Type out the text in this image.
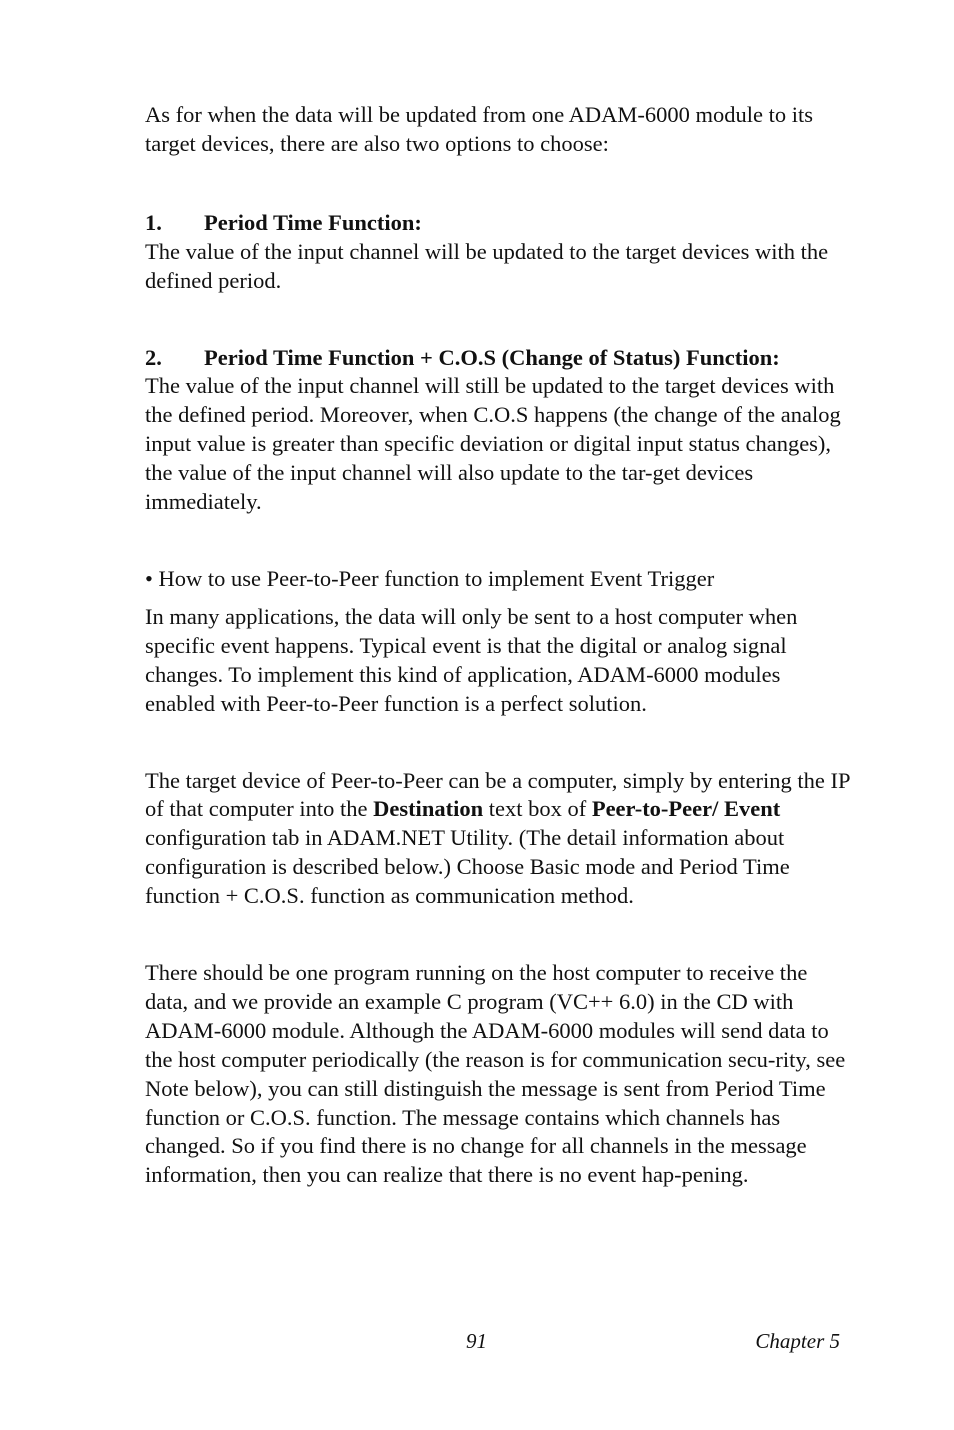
As for when the data will be updated from one ADAM-6000 module to its target devices, there are also two options to choose:

1.	Period Time Function:

The value of the input channel will be updated to the target devices with the defined period.

2.	Period Time Function + C.O.S (Change of Status) Function:

The value of the input channel will still be updated to the target devices with the defined period. Moreover, when C.O.S happens (the change of the analog input value is greater than specific deviation or digital input status changes), the value of the input channel will also update to the tar-get devices immediately.

• How to use Peer-to-Peer function to implement Event Trigger

In many applications, the data will only be sent to a host computer when specific event happens. Typical event is that the digital or analog signal changes. To implement this kind of application, ADAM-6000 modules enabled with Peer-to-Peer function is a perfect solution.

The target device of Peer-to-Peer can be a computer, simply by entering the IP of that computer into the Destination text box of Peer-to-Peer/ Event configuration tab in ADAM.NET Utility. (The detail information about configuration is described below.) Choose Basic mode and Period Time function + C.O.S. function as communication method.

There should be one program running on the host computer to receive the data, and we provide an example C program (VC++ 6.0) in the CD with ADAM-6000 module. Although the ADAM-6000 modules will send data to the host computer periodically (the reason is for communication secu-rity, see Note below), you can still distinguish the message is sent from Period Time function or C.O.S. function. The message contains which channels has changed. So if you find there is no change for all channels in the message information, then you can realize that there is no event hap-pening.

91	Chapter 5
